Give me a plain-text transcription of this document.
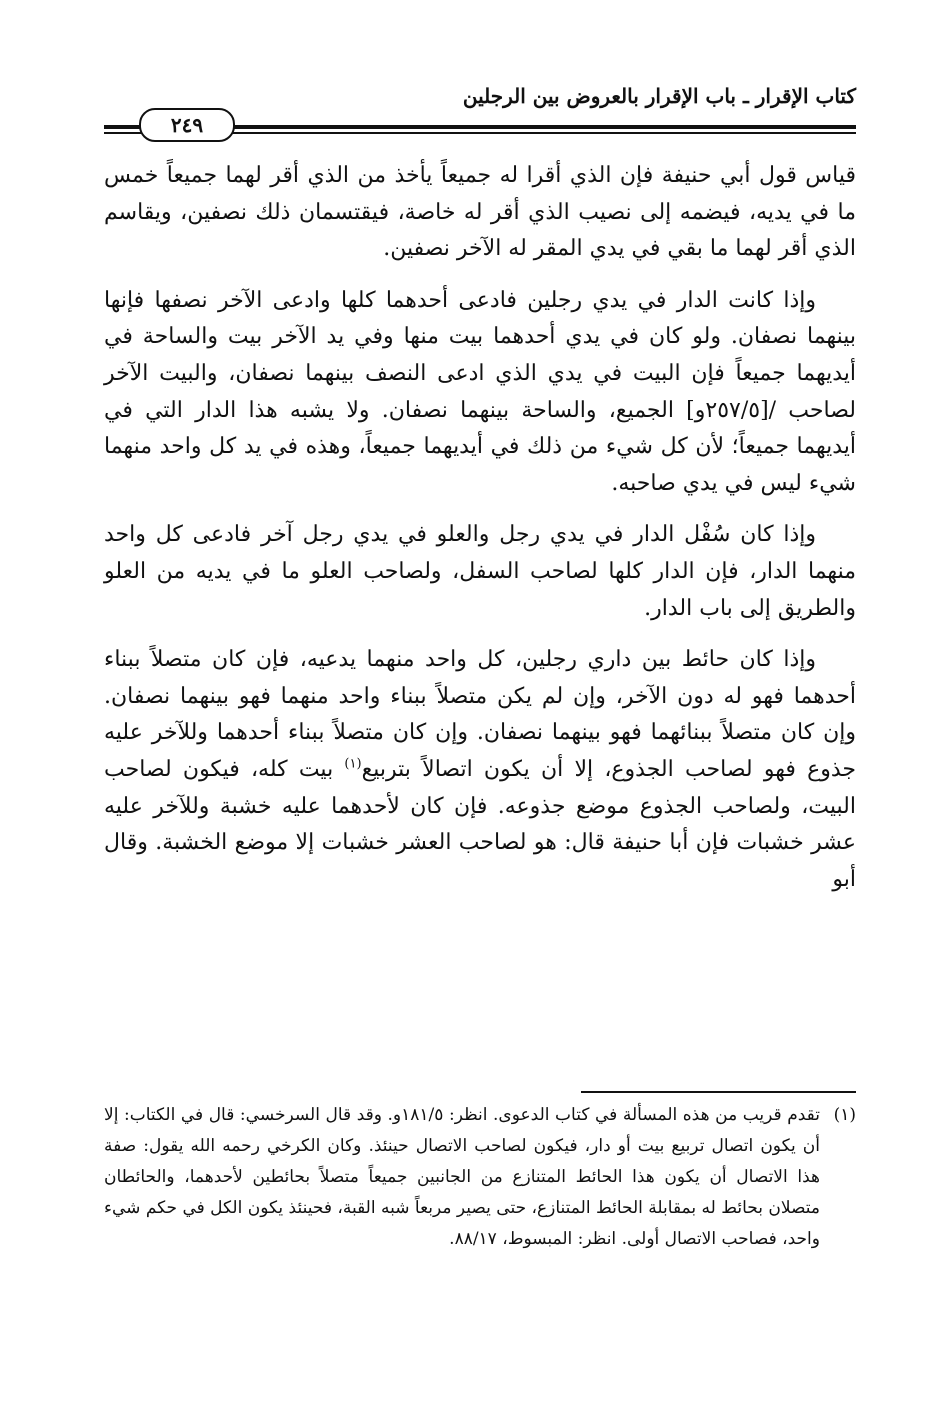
كتاب الإقرار ـ باب الإقرار بالعروض بين الرجلين
٢٤٩

قياس قول أبي حنيفة فإن الذي أقرا له جميعاً يأخذ من الذي أقر لهما جميعاً خمس ما في يديه، فيضمه إلى نصيب الذي أقر له خاصة، فيقتسمان ذلك نصفين، ويقاسم الذي أقر لهما ما بقي في يدي المقر له الآخر نصفين.

وإذا كانت الدار في يدي رجلين فادعى أحدهما كلها وادعى الآخر نصفها فإنها بينهما نصفان. ولو كان في يدي أحدهما بيت منها وفي يد الآخر بيت والساحة في أيديهما جميعاً فإن البيت في يدي الذي ادعى النصف بينهما نصفان، والبيت الآخر لصاحب /[٢٥٧/٥و] الجميع، والساحة بينهما نصفان. ولا يشبه هذا الدار التي في أيديهما جميعاً؛ لأن كل شيء من ذلك في أيديهما جميعاً، وهذه في يد كل واحد منهما شيء ليس في يدي صاحبه.

وإذا كان سُفْل الدار في يدي رجل والعلو في يدي رجل آخر فادعى كل واحد منهما الدار، فإن الدار كلها لصاحب السفل، ولصاحب العلو ما في يديه من العلو والطريق إلى باب الدار.

وإذا كان حائط بين داري رجلين، كل واحد منهما يدعيه، فإن كان متصلاً ببناء أحدهما فهو له دون الآخر، وإن لم يكن متصلاً ببناء واحد منهما فهو بينهما نصفان. وإن كان متصلاً ببنائهما فهو بينهما نصفان. وإن كان متصلاً ببناء أحدهما وللآخر عليه جذوع فهو لصاحب الجذوع، إلا أن يكون اتصالاً بتربيع$^{(١)}$ بيت كله، فيكون لصاحب البيت، ولصاحب الجذوع موضع جذوعه. فإن كان لأحدهما عليه خشبة وللآخر عليه عشر خشبات فإن أبا حنيفة قال: هو لصاحب العشر خشبات إلا موضع الخشبة. وقال أبو

(١)
تقدم قريب من هذه المسألة في كتاب الدعوى. انظر: ١٨١/٥و. وقد قال السرخسي: قال في الكتاب: إلا أن يكون اتصال تربيع بيت أو دار، فيكون لصاحب الاتصال حينئذ. وكان الكرخي رحمه الله يقول: صفة هذا الاتصال أن يكون هذا الحائط المتنازع من الجانبين جميعاً متصلاً بحائطين لأحدهما، والحائطان متصلان بحائط له بمقابلة الحائط المتنازع، حتى يصير مربعاً شبه القبة، فحينئذ يكون الكل في حكم شيء واحد، فصاحب الاتصال أولى. انظر: المبسوط، ٨٨/١٧.
